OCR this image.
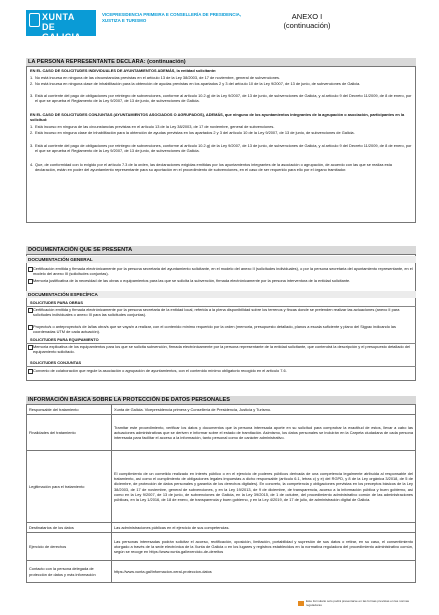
XUNTA
DE GALICIA
VICEPRESIDENCIA PRIMEIRA E CONSELLERÍA DE PRESIDENCIA, XUSTIZA E TURISMO	ANEXO I
(continuación)
LA PERSONA REPRESENTANTE DECLARA: (continuación)
EN EL CASO DE SOLICITUDES INDIVIDUALES DE AYUNTAMIENTOS ADEMÁS, la entidad solicitante:
1. No está incursa en ninguna de las circunstancias previstas en el artículo 13 de la Ley 38/2003, de 17 de noviembre, general de subvenciones.
2. No está incursa en ninguna clase de inhabilitación para la obtención de ayudas previstas en los apartados 2 y 3 del artículo 10 de la Ley 9/2007, de 13 de junio, de subvenciones de Galicia.
3. Está al corriente del pago de obligaciones por reintegro de subvenciones, conforme al artículo 10.2.g) de la Ley 9/2007, de 13 de junio, de subvenciones de Galicia, y al artículo 9 del Decreto 11/2009, de 8 de enero, por el que se aprueba el Reglamento de la Ley 9/2007, de 13 de junio, de subvenciones de Galicia.
EN EL CASO DE SOLICITUDES CONJUNTAS (AYUNTAMIENTOS ASOCIADOS O AGRUPADOS), ADEMÁS, que ninguno de los ayuntamientos integrantes de la agrupación o asociación, participantes en la solicitud:
1. Está incurso en ninguna de las circunstancias previstas en el artículo 13 de la Ley 38/2003, de 17 de noviembre, general de subvenciones.
2. Está incurso en ninguna clase de inhabilitación para la obtención de ayudas previstas en los apartados 2 y 3 del artículo 10 de la Ley 9/2007, de 13 de junio, de subvenciones de Galicia.
3. Está al corriente del pago de obligaciones por reintegro de subvenciones, conforme al artículo 10.2.g) de la Ley 9/2007, de 13 de junio, de subvenciones de Galicia, y al artículo 9 del Decreto 11/2009, de 8 de enero, por el que se aprueba el Reglamento de la Ley 9/2007, de 13 de junio, de subvenciones de Galicia.
4. Que, de conformidad con lo exigido por el artículo 7.3 de la orden, las declaraciones exigidas emitidas por los ayuntamientos integrantes de la asociación o agrupación, de acuerdo con las que se realiza esta declaración, están en poder del ayuntamiento representante para su aportación en el procedimiento de subvenciones, en el caso de ser requerido para ello por el órgano tramitador.
DOCUMENTACIÓN QUE SE PRESENTA
DOCUMENTACIÓN GENERAL
Certificación emitida y firmada electrónicamente por la persona secretaria del ayuntamiento solicitante, en el modelo del anexo II (solicitudes individuales), o por la persona secretaria del ayuntamiento representante, en el modelo del anexo III (solicitudes conjuntas).
Memoria justificativa de la necesidad de las obras o equipamientos para las que se solicita la subvención, firmada electrónicamente por la persona interventora de la entidad solicitante.
DOCUMENTACIÓN ESPECÍFICA
SOLICITUDES PARA OBRAS
Certificación emitida y firmada electrónicamente por la persona secretaria de la entidad local, referida a la plena disponibilidad sobre los terrenos y fincas donde se pretenden realizar las actuaciones (anexo II para solicitudes individuales o anexo III para las solicitudes conjuntas).
Proyecto/s o anteproyecto/s de la/las obra/s que se vaya/n a realizar, con el contenido mínimo requerido por la orden (memoria, presupuesto detallado, planos a escala suficiente y plano del Sigpac indicando las coordenadas UTM de cada actuación).
SOLICITUDES PARA EQUIPAMIENTO
Memoria explicativa de los equipamientos para los que se solicita subvención, firmada electrónicamente por la persona representante de la entidad solicitante, que contendrá la descripción y el presupuesto detallado del equipamiento solicitado.
SOLICITUDES CONJUNTAS
Convenio de colaboración que regule la asociación o agrupación de ayuntamientos, con el contenido mínimo obligatorio recogido en el artículo 7.6.
INFORMACIÓN BÁSICA SOBRE LA PROTECCIÓN DE DATOS PERSONALES
Responsable del tratamiento	Xunta de Galicia. Vicepresidencia primera y Consellería de Presidencia, Justicia y Turismo.
Finalidades del tratamiento	Tramitar este procedimiento, verificar los datos y documentos que la persona interesada aporte en su solicitud para comprobar la exactitud de estos, llevar a cabo las actuaciones administrativas que se deriven e informar sobre el estado de tramitación. Asimismo, los datos personales se incluirán en la Carpeta ciudadana de cada persona interesada para facilitar el acceso a la información, tanto personal como de carácter administrativo.
Legitimación para el tratamiento	El cumplimiento de un cometido realizado en interés público o en el ejercicio de poderes públicos derivada de una competencia legalmente atribuida al responsable del tratamiento, así como el cumplimiento de obligaciones legales impuestas a dicho responsable (artículo 6.1, letras c) y e) del RGPD, y 8 de la Ley orgánica 3/2018, de 5 de diciembre, de protección de datos personales y garantía de los derechos digitales). En concreto, la competencia y obligaciones previstas en los preceptos básicos de la Ley 38/2003, de 17 de noviembre, general de subvenciones, y en la Ley 19/2013, de 9 de diciembre, de transparencia, acceso a la información pública y buen gobierno, así como en la Ley 9/2007, de 13 de junio, de subvenciones de Galicia, en la Ley 39/2015, de 1 de octubre, del procedimiento administrativo común de las administraciones públicas, en la Ley 1/2016, de 18 de enero, de transparencia y buen gobierno, y en la Ley 4/2019, de 17 de julio, de administración digital de Galicia.
Destinatarios de los datos	Las administraciones públicas en el ejercicio de sus competencias.
Ejercicio de derechos	Las personas interesadas podrán solicitar el acceso, rectificación, oposición, limitación, portabilidad y supresión de sus datos o retirar, en su caso, el consentimiento otorgado a través de la sede electrónica de la Xunta de Galicia o en los lugares y registros establecidos en la normativa reguladora del procedimiento administrativo común, según se recoge en https://www.xunta.gal/exercicio-de-dereitos
Contacto con la persona delegada de protección de datos y más información	https://www.xunta.gal/informacion-xeral-proteccion-datos
Este formulario solo podrá presentarse en las formas previstas en las normas reguladoras
